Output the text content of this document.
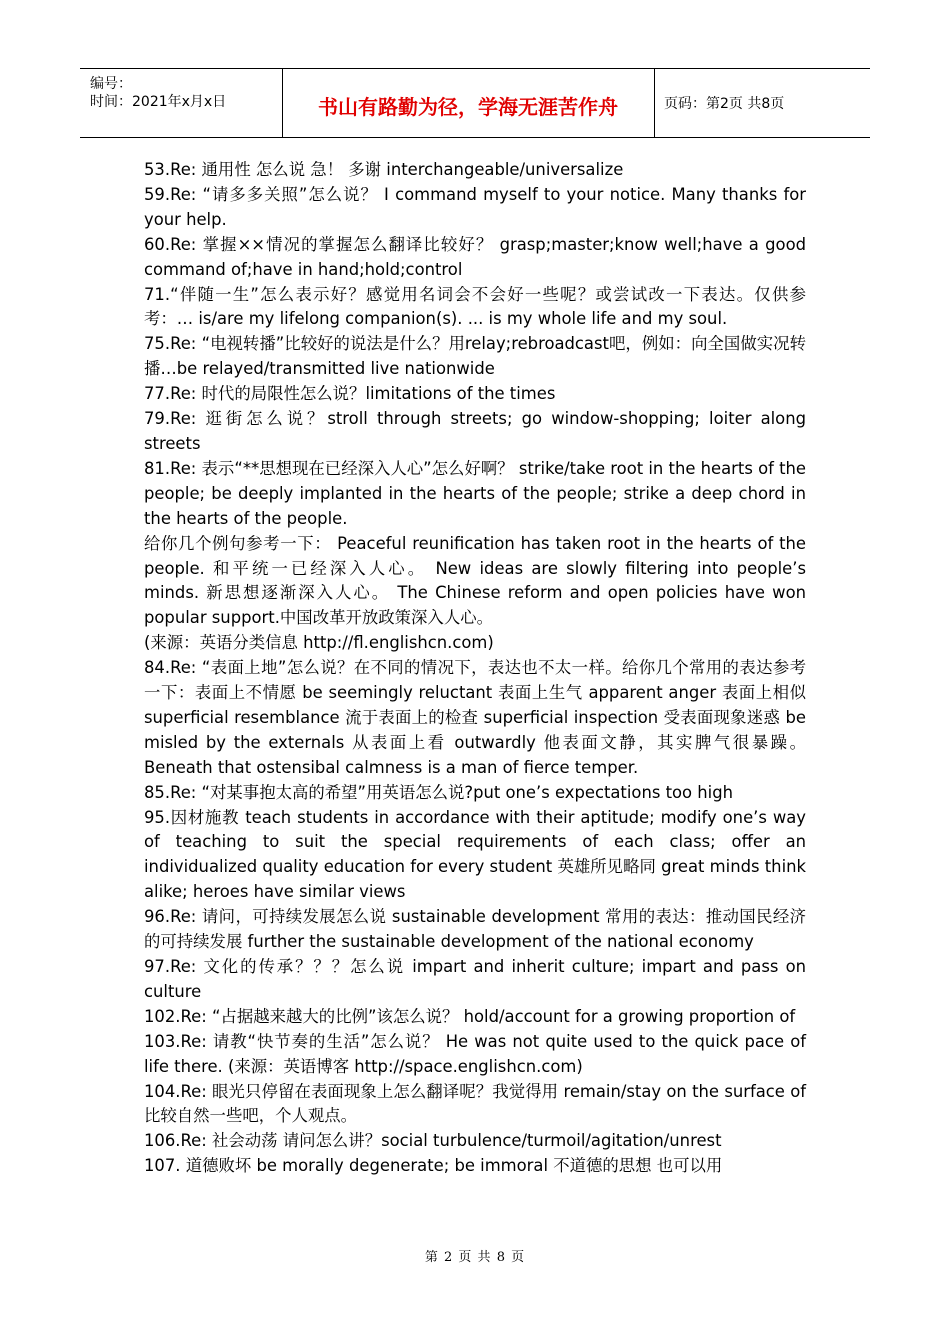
编号：
时间：2021年x月x日	书山有路勤为径，学海无涯苦作舟	页码：第2页 共8页

53.Re: 通用性 怎么说 急！ 多谢 interchangeable/universalize

59.Re: “请多多关照”怎么说？ I command myself to your notice. Many thanks for your help.

60.Re: 掌握××情况的掌握怎么翻译比较好？ grasp;master;know well;have a good command of;have in hand;hold;control

71.“伴随一生”怎么表示好？感觉用名词会不会好一些呢？或尝试改一下表达。仅供参考：… is/are my lifelong companion(s). ... is my whole life and my soul.

75.Re: “电视转播”比较好的说法是什么？用relay;rebroadcast吧，例如：向全国做实况转播…be relayed/transmitted live nationwide

77.Re: 时代的局限性怎么说？limitations of the times

79.Re: 逛街怎么说？stroll through streets; go window-shopping; loiter along streets

81.Re: 表示“**思想现在已经深入人心”怎么好啊？ strike/take root in the hearts of the people; be deeply implanted in the hearts of the people; strike a deep chord in the hearts of the people.

给你几个例句参考一下： Peaceful reunification has taken root in the hearts of the people. 和平统一已经深入人心。 New ideas are slowly filtering into people’s minds. 新思想逐渐深入人心。 The Chinese reform and open policies have won popular support.中国改革开放政策深入人心。

(来源：英语分类信息 http://fl.englishcn.com)

84.Re: “表面上地”怎么说？在不同的情况下，表达也不太一样。给你几个常用的表达参考一下：表面上不情愿 be seemingly reluctant 表面上生气 apparent anger 表面上相似 superficial resemblance 流于表面上的检查 superficial inspection 受表面现象迷惑 be misled by the externals 从表面上看 outwardly 他表面文静，其实脾气很暴躁。Beneath that ostensibal calmness is a man of fierce temper.

85.Re: “对某事抱太高的希望”用英语怎么说?put one’s expectations too high

95.因材施教 teach students in accordance with their aptitude; modify one’s way of teaching to suit the special requirements of each class; offer an individualized quality education for every student 英雄所见略同 great minds think alike; heroes have similar views

96.Re: 请问，可持续发展怎么说 sustainable development 常用的表达：推动国民经济的可持续发展 further the sustainable development of the national economy

97.Re: 文化的传承？？？怎么说 impart and inherit culture; impart and pass on culture

102.Re: “占据越来越大的比例”该怎么说？ hold/account for a growing proportion of

103.Re: 请教“快节奏的生活”怎么说？ He was not quite used to the quick pace of life there. (来源：英语博客 http://space.englishcn.com)

104.Re: 眼光只停留在表面现象上怎么翻译呢？我觉得用 remain/stay on the surface of 比较自然一些吧，个人观点。

106.Re: 社会动荡 请问怎么讲？social turbulence/turmoil/agitation/unrest

107. 道德败坏 be morally degenerate; be immoral 不道德的思想 也可以用

第 2 页 共 8 页
